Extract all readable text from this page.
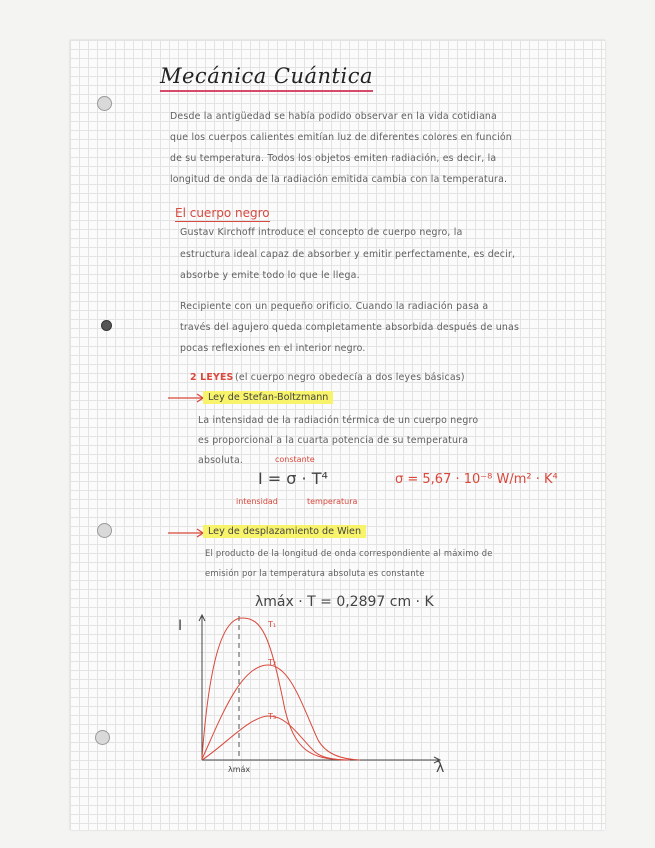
Mecánica Cuántica
Desde la antigüedad se había podido observar en la vida cotidiana
que los cuerpos calientes emitían luz de diferentes colores en función
de su temperatura. Todos los objetos emiten radiación, es decir, la
longitud de onda de la radiación emitida cambia con la temperatura.
El cuerpo negro
Gustav Kirchoff introduce el concepto de cuerpo negro, la
estructura ideal capaz de absorber y emitir perfectamente, es decir,
absorbe y emite todo lo que le llega.
Recipiente con un pequeño orificio. Cuando la radiación pasa a
través del agujero queda completamente absorbida después de unas
pocas reflexiones en el interior negro.
2 LEYES (el cuerpo negro obedecía a dos leyes básicas)
Ley de Stefan-Boltzmann
La intensidad de la radiación térmica de un cuerpo negro
es proporcional a la cuarta potencia de su temperatura
absoluta.	constante
I = σ · T⁴
intensidad	temperatura
σ = 5,67 · 10⁻⁸ W/m² · K⁴
Ley de desplazamiento de Wien
El producto de la longitud de onda correspondiente al máximo de
emisión por la temperatura absoluta es constante
λmáx · T = 0,2897 cm · K
I
λ
λmáx
T₁
T₂
T₃
